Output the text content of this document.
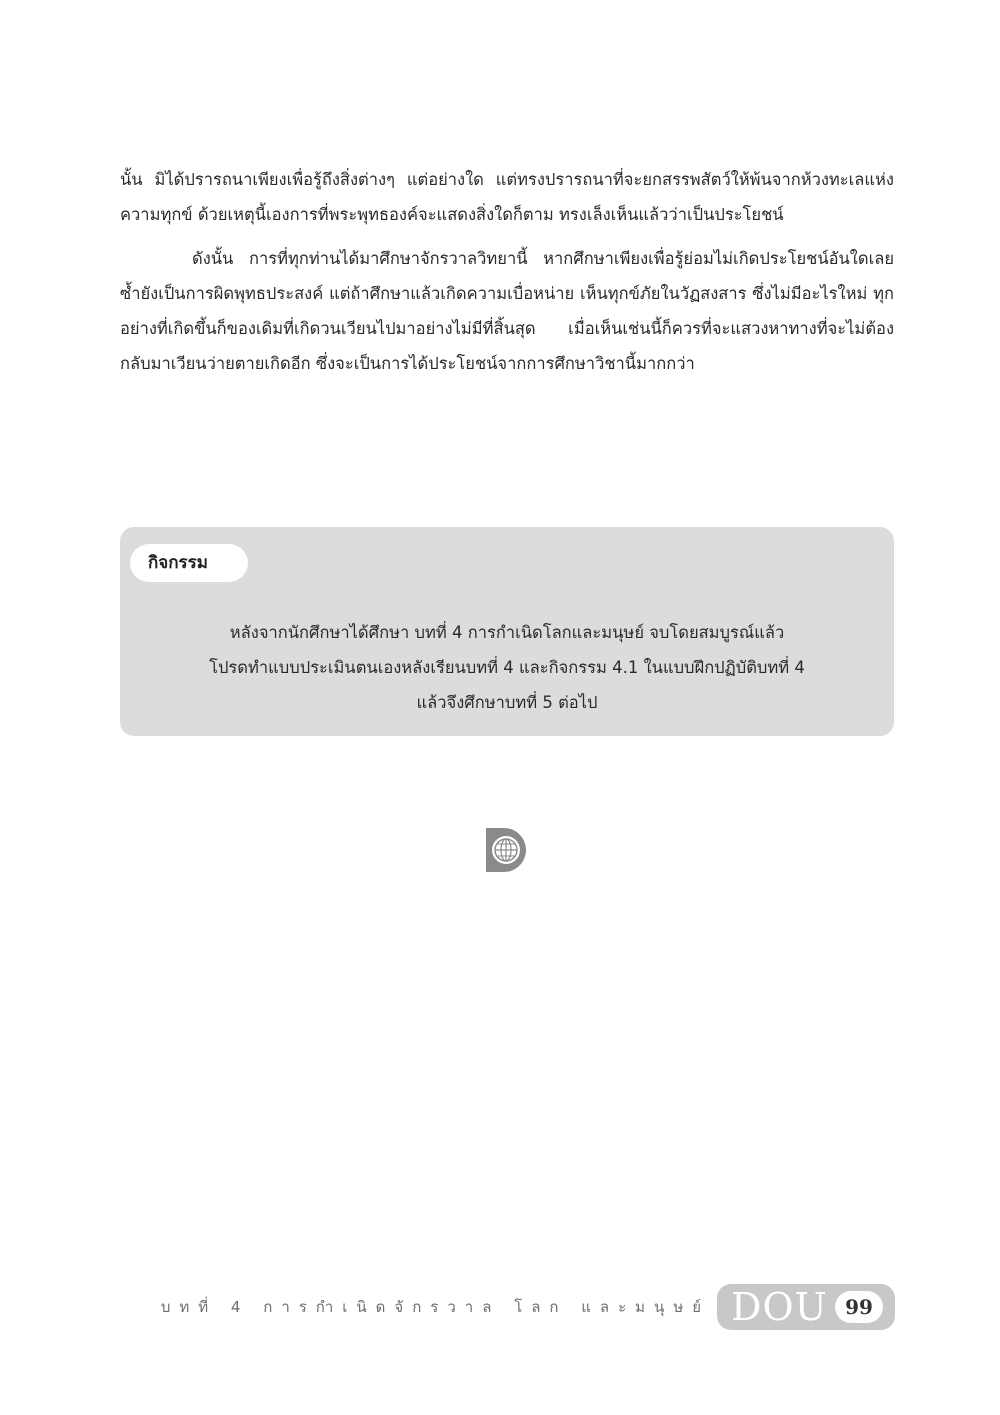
นั้น มิได้ปรารถนาเพียงเพื่อรู้ถึงสิ่งต่างๆ แต่อย่างใด แต่ทรงปรารถนาที่จะยกสรรพสัตว์ให้พ้นจากห้วงทะเลแห่งความทุกข์ ด้วยเหตุนี้เองการที่พระพุทธองค์จะแสดงสิ่งใดก็ตาม ทรงเล็งเห็นแล้วว่าเป็นประโยชน์

ดังนั้น การที่ทุกท่านได้มาศึกษาจักรวาลวิทยานี้ หากศึกษาเพียงเพื่อรู้ย่อมไม่เกิดประโยชน์อันใดเลย ซ้ำยังเป็นการผิดพุทธประสงค์ แต่ถ้าศึกษาแล้วเกิดความเบื่อหน่าย เห็นทุกข์ภัยในวัฏสงสาร ซึ่งไม่มีอะไรใหม่ ทุกอย่างที่เกิดขึ้นก็ของเดิมที่เกิดวนเวียนไปมาอย่างไม่มีที่สิ้นสุด เมื่อเห็นเช่นนี้ก็ควรที่จะแสวงหาทางที่จะไม่ต้องกลับมาเวียนว่ายตายเกิดอีก ซึ่งจะเป็นการได้ประโยชน์จากการศึกษาวิชานี้มากกว่า

กิจกรรม

หลังจากนักศึกษาได้ศึกษา บทที่ 4 การกำเนิดโลกและมนุษย์ จบโดยสมบูรณ์แล้ว
โปรดทำแบบประเมินตนเองหลังเรียนบทที่ 4 และกิจกรรม 4.1 ในแบบฝึกปฏิบัติบทที่ 4
แล้วจึงศึกษาบทที่ 5 ต่อไป

บทที่ 4 การกำเนิดจักรวาล โลก และมนุษย์ DOU 99
